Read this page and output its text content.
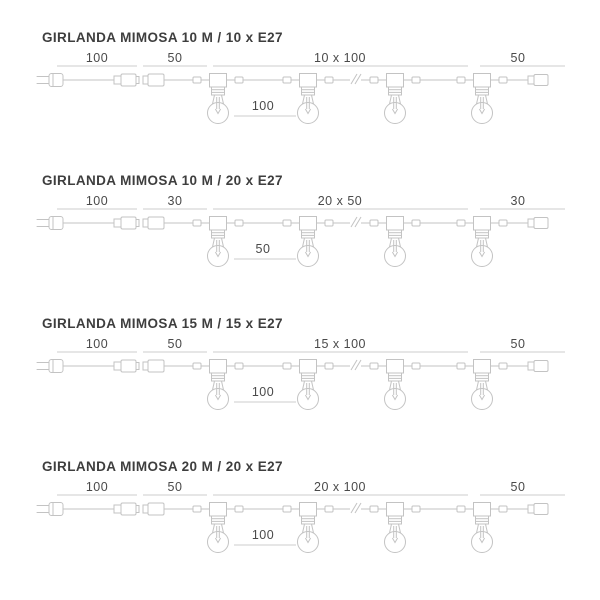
GIRLANDA MIMOSA 10 M / 10 x E27
100	50	10 x 100	50
100
GIRLANDA MIMOSA 10 M / 20 x E27
100	30	20 x 50	30
50
GIRLANDA MIMOSA 15 M / 15 x E27
100	50	15 x 100	50
100
GIRLANDA MIMOSA 20 M / 20 x E27
100	50	20 x 100	50
100
